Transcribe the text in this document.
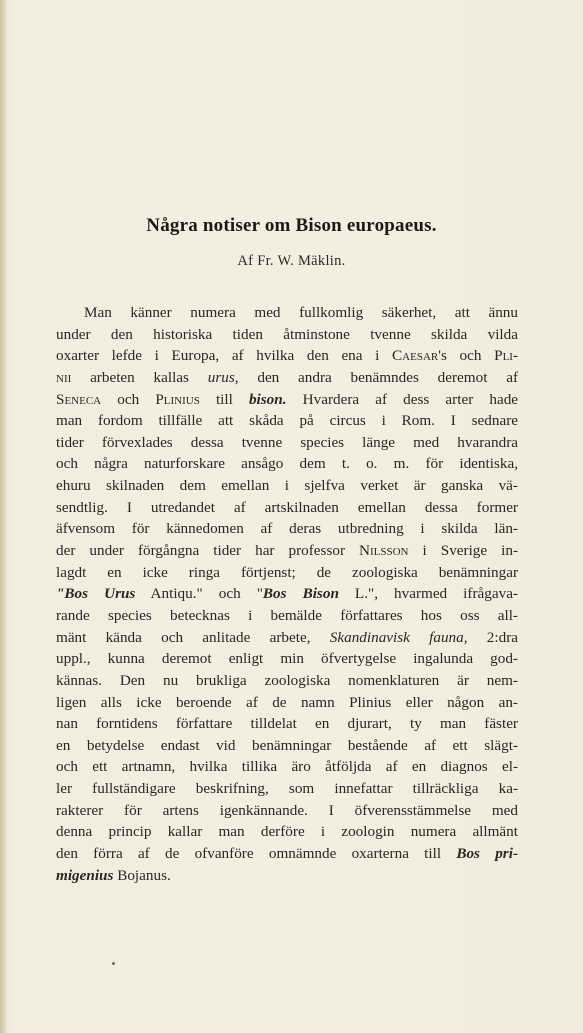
Några notiser om Bison europaeus.
Af Fr. W. Mäklin.
Man känner numera med fullkomlig säkerhet, att ännu
under den historiska tiden åtminstone tvenne skilda vilda
oxarter lefde i Europa, af hvilka den ena i Caesar's och Pli-
nii arbeten kallas urus, den andra benämndes deremot af
Seneca och Plinius till bison. Hvardera af dess arter hade
man fordom tillfälle att skåda på circus i Rom. I sednare
tider förvexlades dessa tvenne species länge med hvarandra
och några naturforskare ansågo dem t. o. m. för identiska,
ehuru skilnaden dem emellan i sjelfva verket är ganska vä-
sendtlig. I utredandet af artskilnaden emellan dessa former
äfvensom för kännedomen af deras utbredning i skilda län-
der under förgångna tider har professor Nilsson i Sverige in-
lagdt en icke ringa förtjenst; de zoologiska benämningar
"Bos Urus Antiqu." och "Bos Bison L.", hvarmed ifrågava-
rande species betecknas i bemälde författares hos oss all-
mänt kända och anlitade arbete, Skandinavisk fauna, 2:dra
uppl., kunna deremot enligt min öfvertygelse ingalunda god-
kännas. Den nu brukliga zoologiska nomenklaturen är nem-
ligen alls icke beroende af de namn Plinius eller någon an-
nan forntidens författare tilldelat en djurart, ty man fäster
en betydelse endast vid benämningar bestående af ett slägt-
och ett artnamn, hvilka tillika äro åtföljda af en diagnos el-
ler fullständigare beskrifning, som innefattar tillräckliga ka-
rakterer för artens igenkännande. I öfverensstämmelse med
denna princip kallar man derföre i zoologin numera allmänt
den förra af de ofvanföre omnämnde oxarterna till Bos pri-
migenius Bojanus.
